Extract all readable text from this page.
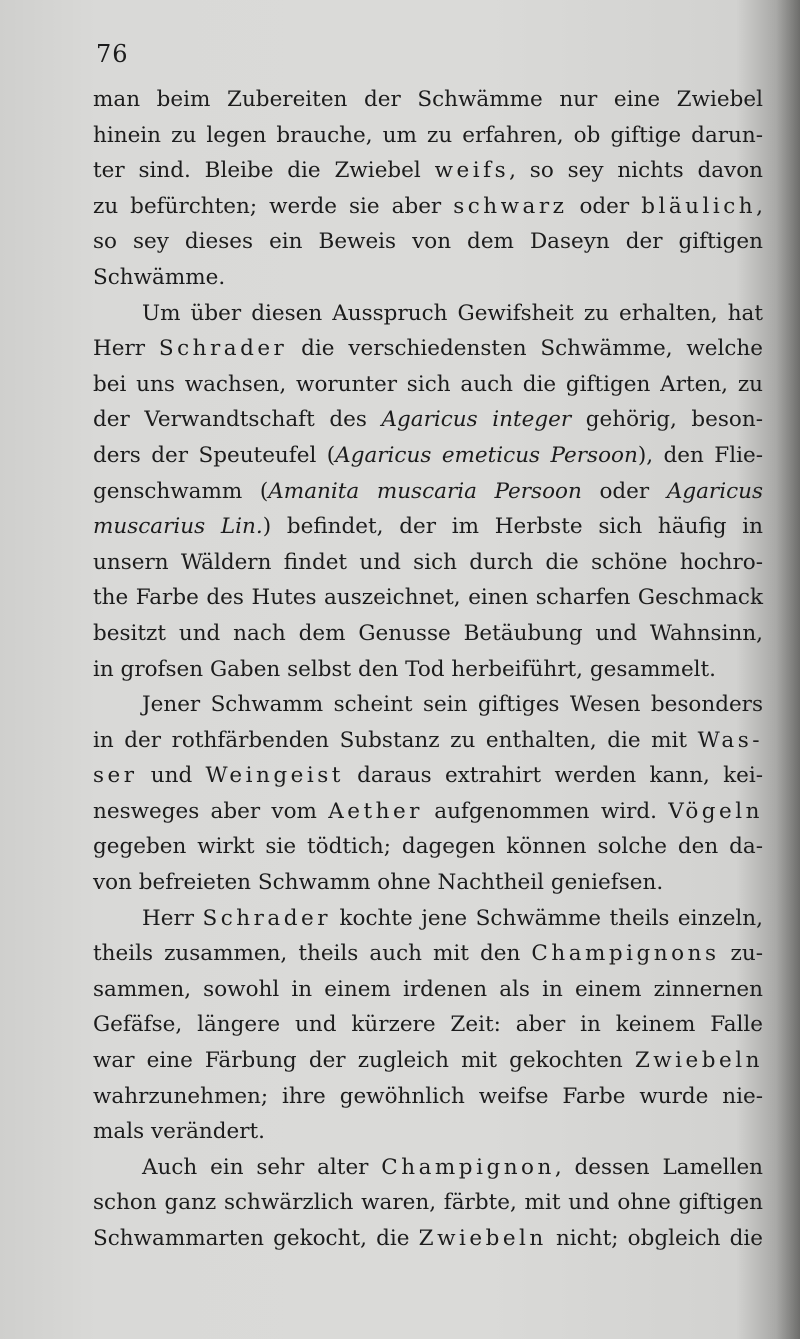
76
man beim Zubereiten der Schwämme nur eine Zwiebel
hinein zu legen brauche, um zu erfahren, ob giftige darun-
ter sind. Bleibe die Zwiebel weifs, so sey nichts davon
zu befürchten; werde sie aber schwarz oder bläulich,
so sey dieses ein Beweis von dem Daseyn der giftigen
Schwämme.
Um über diesen Ausspruch Gewifsheit zu erhalten, hat
Herr Schrader die verschiedensten Schwämme, welche
bei uns wachsen, worunter sich auch die giftigen Arten, zu
der Verwandtschaft des Agaricus integer gehörig, beson-
ders der Speuteufel (Agaricus emeticus Persoon), den Flie-
genschwamm (Amanita muscaria Persoon oder Agaricus
muscarius Lin.) befindet, der im Herbste sich häufig in
unsern Wäldern findet und sich durch die schöne hochro-
the Farbe des Hutes auszeichnet, einen scharfen Geschmack
besitzt und nach dem Genusse Betäubung und Wahnsinn,
in grofsen Gaben selbst den Tod herbeiführt, gesammelt.
Jener Schwamm scheint sein giftiges Wesen besonders
in der rothfärbenden Substanz zu enthalten, die mit Was-
ser und Weingeist daraus extrahirt werden kann, kei-
nesweges aber vom Aether aufgenommen wird. Vögeln
gegeben wirkt sie tödtich; dagegen können solche den da-
von befreieten Schwamm ohne Nachtheil geniefsen.
Herr Schrader kochte jene Schwämme theils einzeln,
theils zusammen, theils auch mit den Champignons zu-
sammen, sowohl in einem irdenen als in einem zinnernen
Gefäfse, längere und kürzere Zeit: aber in keinem Falle
war eine Färbung der zugleich mit gekochten Zwiebeln
wahrzunehmen; ihre gewöhnlich weifse Farbe wurde nie-
mals verändert.
Auch ein sehr alter Champignon, dessen Lamellen
schon ganz schwärzlich waren, färbte, mit und ohne giftigen
Schwammarten gekocht, die Zwiebeln nicht; obgleich die
